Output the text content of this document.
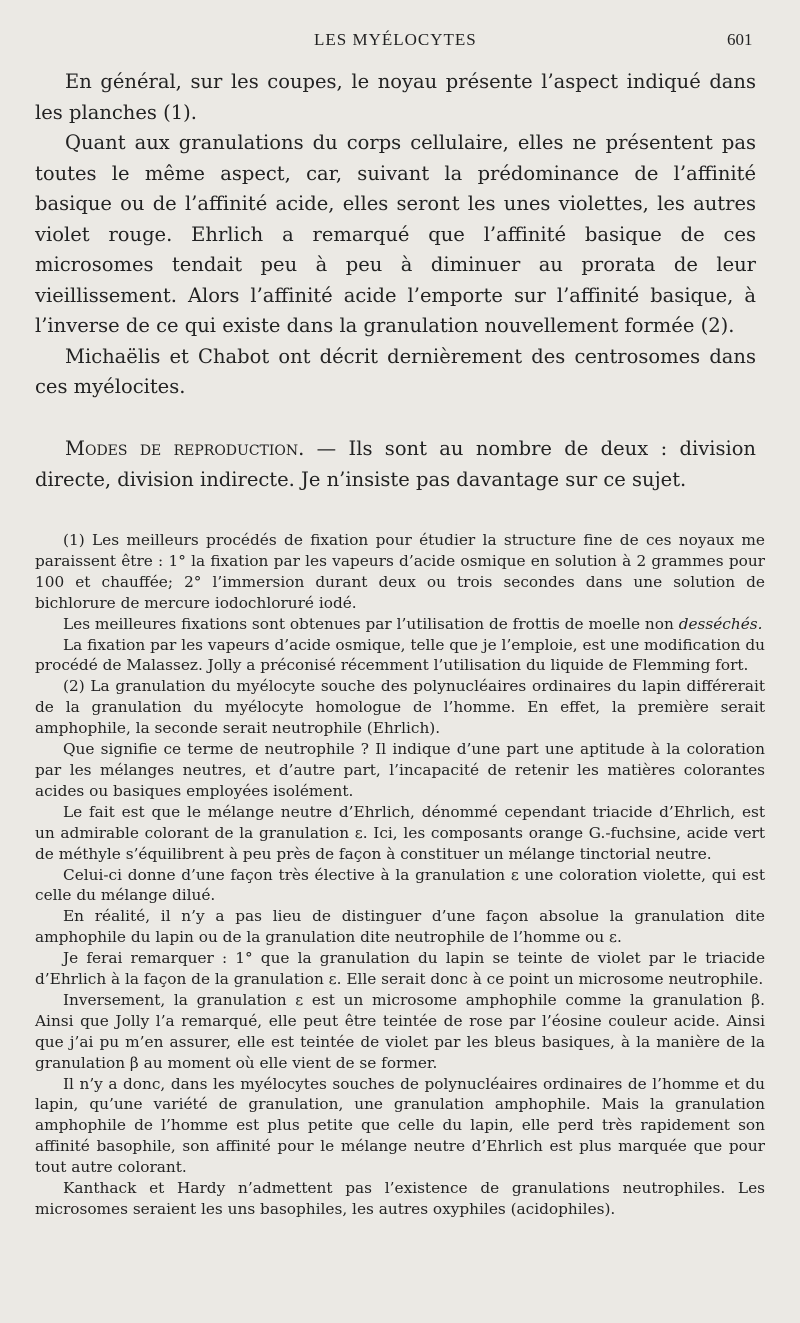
LES MYÉLOCYTES	601

En général, sur les coupes, le noyau présente l’aspect indiqué dans les planches (1).

Quant aux granulations du corps cellulaire, elles ne présentent pas toutes le même aspect, car, suivant la prédominance de l’affinité basique ou de l’affinité acide, elles seront les unes violettes, les autres violet rouge. Ehrlich a remarqué que l’affinité basique de ces microsomes tendait peu à peu à diminuer au prorata de leur vieillissement. Alors l’affinité acide l’emporte sur l’affinité basique, à l’inverse de ce qui existe dans la granulation nouvellement formée (2).

Michaëlis et Chabot ont décrit dernièrement des centrosomes dans ces myélocites.

Modes de reproduction. — Ils sont au nombre de deux : division directe, division indirecte. Je n’insiste pas davantage sur ce sujet.

(1) Les meilleurs procédés de fixation pour étudier la structure fine de ces noyaux me paraissent être : 1° la fixation par les vapeurs d’acide osmique en solution à 2 grammes pour 100 et chauffée; 2° l’immersion durant deux ou trois secondes dans une solution de bichlorure de mercure iodochloruré iodé.

Les meilleures fixations sont obtenues par l’utilisation de frottis de moelle non desséchés.

La fixation par les vapeurs d’acide osmique, telle que je l’emploie, est une modification du procédé de Malassez. Jolly a préconisé récemment l’utilisation du liquide de Flemming fort.

(2) La granulation du myélocyte souche des polynucléaires ordinaires du lapin différerait de la granulation du myélocyte homologue de l’homme. En effet, la première serait amphophile, la seconde serait neutrophile (Ehrlich).

Que signifie ce terme de neutrophile ? Il indique d’une part une aptitude à la coloration par les mélanges neutres, et d’autre part, l’incapacité de retenir les matières colorantes acides ou basiques employées isolément.

Le fait est que le mélange neutre d’Ehrlich, dénommé cependant triacide d’Ehrlich, est un admirable colorant de la granulation ε. Ici, les composants orange G.-fuchsine, acide vert de méthyle s’équilibrent à peu près de façon à constituer un mélange tinctorial neutre.

Celui-ci donne d’une façon très élective à la granulation ε une coloration violette, qui est celle du mélange dilué.

En réalité, il n’y a pas lieu de distinguer d’une façon absolue la granulation dite amphophile du lapin ou de la granulation dite neutrophile de l’homme ou ε.

Je ferai remarquer : 1° que la granulation du lapin se teinte de violet par le triacide d’Ehrlich à la façon de la granulation ε. Elle serait donc à ce point un microsome neutrophile.

Inversement, la granulation ε est un microsome amphophile comme la granulation β. Ainsi que Jolly l’a remarqué, elle peut être teintée de rose par l’éosine couleur acide. Ainsi que j’ai pu m’en assurer, elle est teintée de violet par les bleus basiques, à la manière de la granulation β au moment où elle vient de se former.

Il n’y a donc, dans les myélocytes souches de polynucléaires ordinaires de l’homme et du lapin, qu’une variété de granulation, une granulation amphophile. Mais la granulation amphophile de l’homme est plus petite que celle du lapin, elle perd très rapidement son affinité basophile, son affinité pour le mélange neutre d’Ehrlich est plus marquée que pour tout autre colorant.

Kanthack et Hardy n’admettent pas l’existence de granulations neutrophiles. Les microsomes seraient les uns basophiles, les autres oxyphiles (acidophiles).
